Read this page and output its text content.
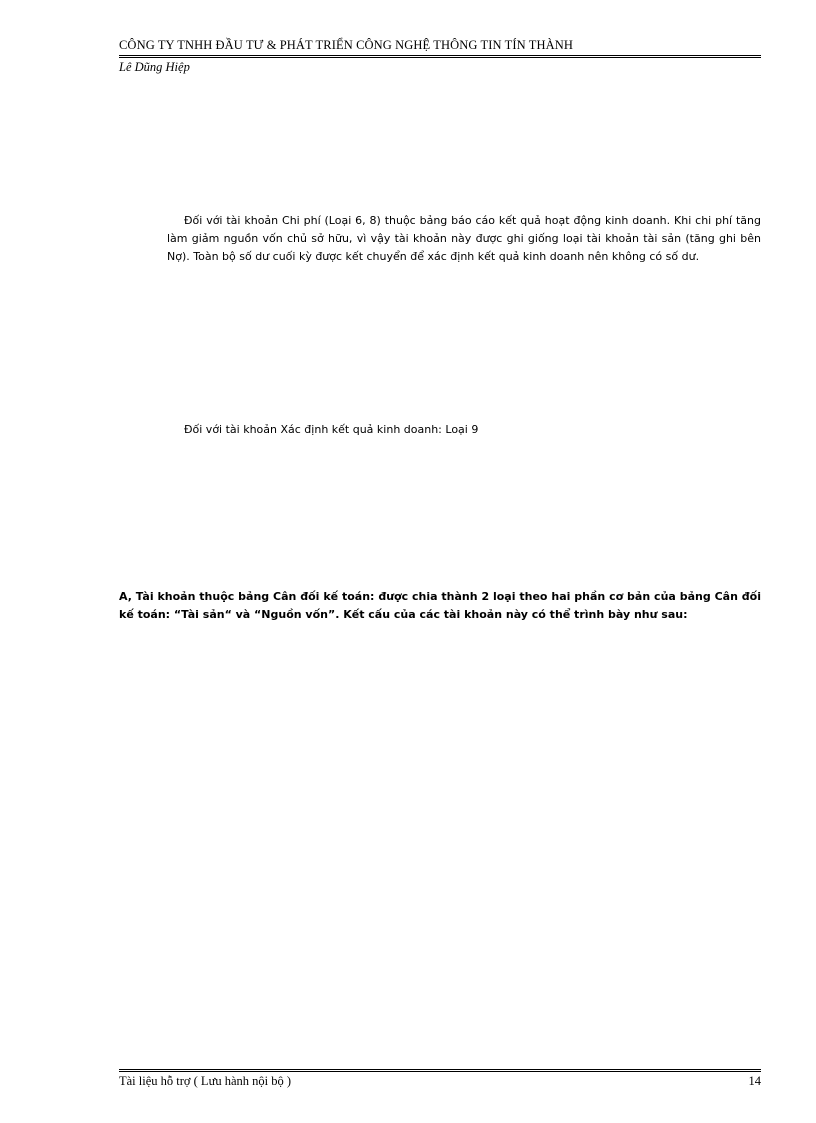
CÔNG TY TNHH ĐẦU TƯ & PHÁT TRIỂN CÔNG NGHỆ THÔNG TIN TÍN THÀNH
Lê Dũng Hiệp

Đối với tài khoản Chi phí (Loại 6, 8) thuộc bảng báo cáo kết quả hoạt động kinh doanh. Khi chi phí tăng làm giảm nguồn vốn chủ sở hữu, vì vậy tài khoản này được ghi giống loại tài khoản tài sản (tăng ghi bên Nợ). Toàn bộ số dư cuối kỳ được kết chuyển để xác định kết quả kinh doanh nên không có số dư.

Đối với tài khoản Xác định kết quả kinh doanh: Loại 9

A, Tài khoản thuộc bảng Cân đối kế toán: được chia thành 2 loại theo hai phần cơ bản của bảng Cân đối kế toán: “Tài sản“ và “Nguồn vốn”. Kết cấu của các tài khoản này có thể trình bày như sau:

Tài liệu hỗ trợ ( Lưu hành nội bộ )	14
